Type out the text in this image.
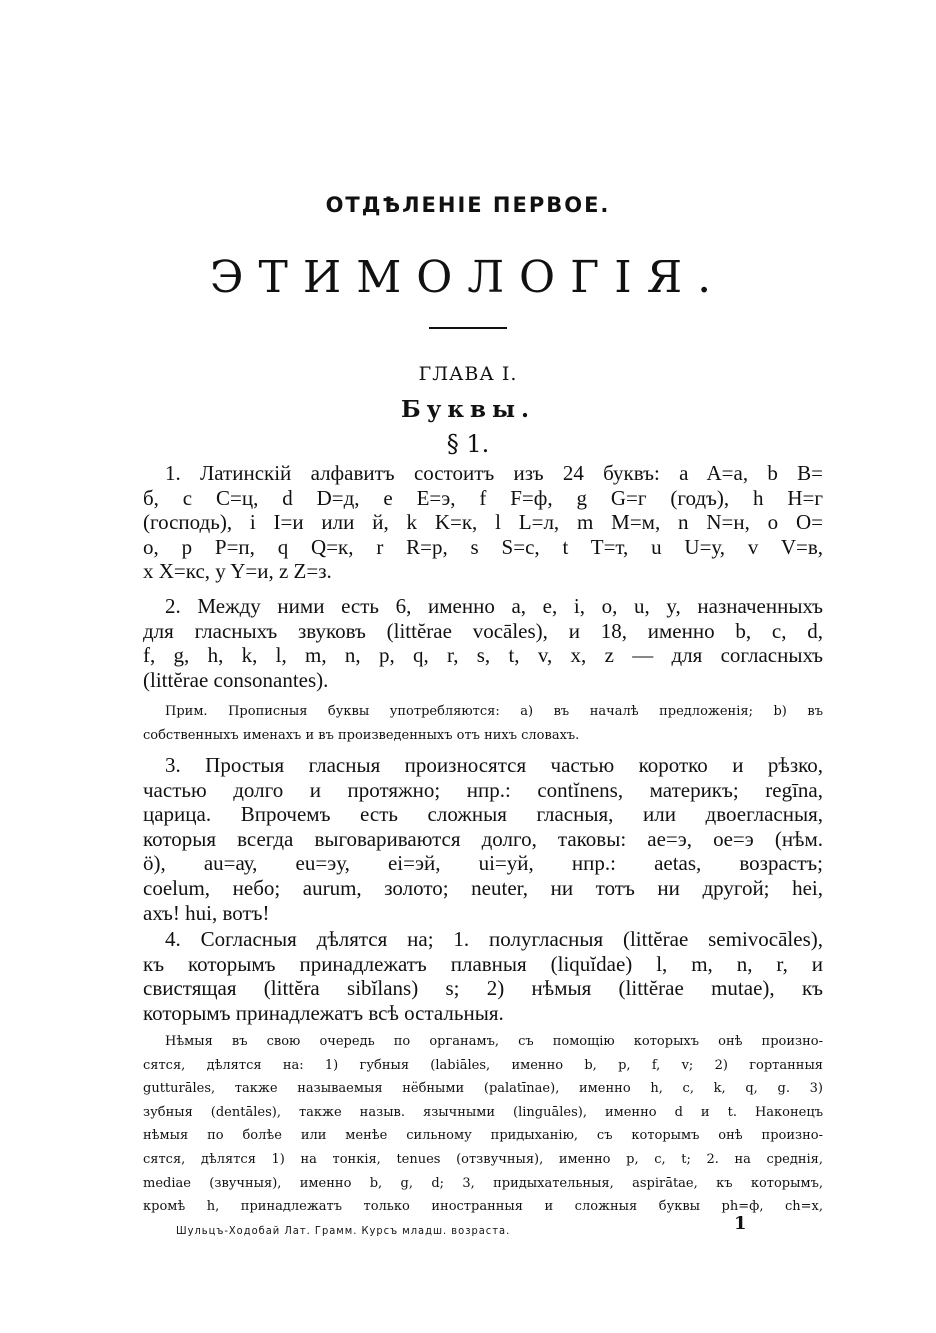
ОТДѢЛЕНІЕ ПЕРВОЕ.
ЭТИМОЛОГІЯ.
ГЛАВА I.
Буквы.
§ 1.
1. Латинскій алфавитъ состоитъ изъ 24 буквъ: a A=а, b B=
б, c C=ц, d D=д, e E=э, f F=ф, g G=г (годъ), h H=г
(господь), i I=и или й, k K=к, l L=л, m M=м, n N=н, o O=
о, p P=п, q Q=к, r R=р, s S=с, t T=т, u U=у, v V=в,
x X=кс, y Y=и, z Z=з.
2. Между ними есть 6, именно a, e, i, o, u, y, назначенныхъ
для гласныхъ звуковъ (littĕrae vocāles), и 18, именно b, c, d,
f, g, h, k, l, m, n, p, q, r, s, t, v, x, z — для согласныхъ
(littĕrae consonantes).
Прим. Прописныя буквы употребляются: a) въ началѣ предложенія; b) въ
собственныхъ именахъ и въ произведенныхъ отъ нихъ словахъ.
3. Простыя гласныя произносятся частью коротко и рѣзко,
частью долго и протяжно; нпр.: contĭnens, материкъ; regīna,
царица. Впрочемъ есть сложныя гласныя, или двоегласныя,
которыя всегда выговариваются долго, таковы: ae=э, oe=э (нѣм.
ö), au=ау, eu=эу, ei=эй, ui=уй, нпр.: aetas, возрастъ;
coelum, небо; aurum, золото; neuter, ни тотъ ни другой; hei,
ахъ! hui, вотъ!
4. Согласныя дѣлятся на; 1. полугласныя (littĕrae semivocāles),
къ которымъ принадлежатъ плавныя (liquĭdae) l, m, n, r, и
свистящая (littĕra sibĭlans) s; 2) нѣмыя (littĕrae mutae), къ
которымъ принадлежатъ всѣ остальныя.
Нѣмыя въ свою очередь по органамъ, съ помощію которыхъ онѣ произно-
сятся, дѣлятся на: 1) губныя (labiāles, именно b, p, f, v; 2) гортанныя
gutturāles, также называемыя нёбными (palatīnae), именно h, c, k, q, g. 3)
зубныя (dentāles), также назыв. язычными (linguāles), именно d и t. Наконецъ
нѣмыя по болѣе или менѣе сильному придыханію, съ которымъ онѣ произно-
сятся, дѣлятся 1) на тонкія, tenues (отзвучныя), именно p, c, t; 2. на среднія,
mediae (звучныя), именно b, g, d; 3, придыхательныя, aspirātae, къ которымъ,
кромѣ h, принадлежатъ только иностранныя и сложныя буквы ph=ф, ch=х,
Шульцъ-Ходобай Лат. Грамм. Курсъ младш. возраста.	1
